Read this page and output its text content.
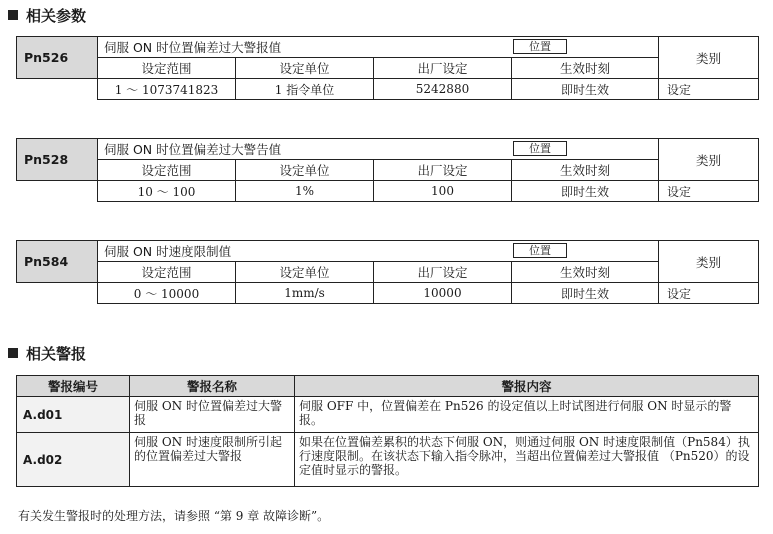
相关参数
Pn526	伺服 ON 时位置偏差过大警报值 位置				类别
	设定范围	设定单位	出厂设定	生效时刻	
	1 ～ 1073741823	1 指令单位	5242880	即时生效	设定
Pn528	伺服 ON 时位置偏差过大警告值 位置				类别
	设定范围	设定单位	出厂设定	生效时刻	
	10 ～ 100	1%	100	即时生效	设定
Pn584	伺服 ON 时速度限制值 位置				类别
	设定范围	设定单位	出厂设定	生效时刻	
	0 ～ 10000	1mm/s	10000	即时生效	设定
相关警报
警报编号	警报名称	警报内容
A.d01	伺服 ON 时位置偏差过大警报	伺服 OFF 中，位置偏差在 Pn526 的设定值以上时试图进行伺服 ON 时显示的警报。
A.d02	伺服 ON 时速度限制所引起的位置偏差过大警报	如果在位置偏差累积的状态下伺服 ON，则通过伺服 ON 时速度限制值（Pn584）执行速度限制。在该状态下输入指令脉冲，当超出位置偏差过大警报值 （Pn520）的设定值时显示的警报。
有关发生警报时的处理方法，请参照 “第 9 章 故障诊断”。
